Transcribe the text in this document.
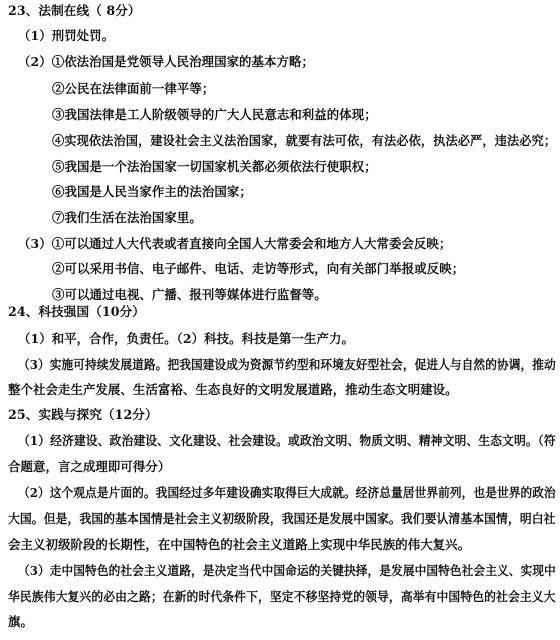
23、法制在线（ 8分）
（1）刑罚处罚。
（2）①依法治国是党领导人民治理国家的基本方略；
②公民在法律面前一律平等；
③我国法律是工人阶级领导的广大人民意志和利益的体现；
④实现依法治国，建设社会主义法治国家，就要有法可依，有法必依，执法必严，违法必究；
⑤我国是一个法治国家一切国家机关都必须依法行使职权；
⑥我国是人民当家作主的法治国家；
⑦我们生活在法治国家里。
（3）①可以通过人大代表或者直接向全国人大常委会和地方人大常委会反映；
②可以采用书信、电子邮件、电话、走访等形式，向有关部门举报或反映；
③可以通过电视、广播、报刊等媒体进行监督等。
24、科技强国（10分）
（1）和平，合作，负责任。（2）科技。科技是第一生产力。
（3）实施可持续发展道路。把我国建设成为资源节约型和环境友好型社会，促进人与自然的协调，推动
整个社会走生产发展、生活富裕、生态良好的文明发展道路，推动生态文明建设。
25、实践与探究（12分）
（1）经济建设、政治建设、文化建设、社会建设。或政治文明、物质文明、精神文明、生态文明。（符
合题意，言之成理即可得分）
（2）这个观点是片面的。我国经过多年建设确实取得巨大成就。经济总量居世界前列，也是世界的政治
大国。但是，我国的基本国情是社会主义初级阶段，我国还是发展中国家。我们要认清基本国情，明白社
会主义初级阶段的长期性，在中国特色的社会主义道路上实现中华民族的伟大复兴。
（3）走中国特色的社会主义道路，是决定当代中国命运的关键抉择，是发展中国特色社会主义、实现中
华民族伟大复兴的必由之路；在新的时代条件下，坚定不移坚持党的领导，高举有中国特色的社会主义大
旗。
